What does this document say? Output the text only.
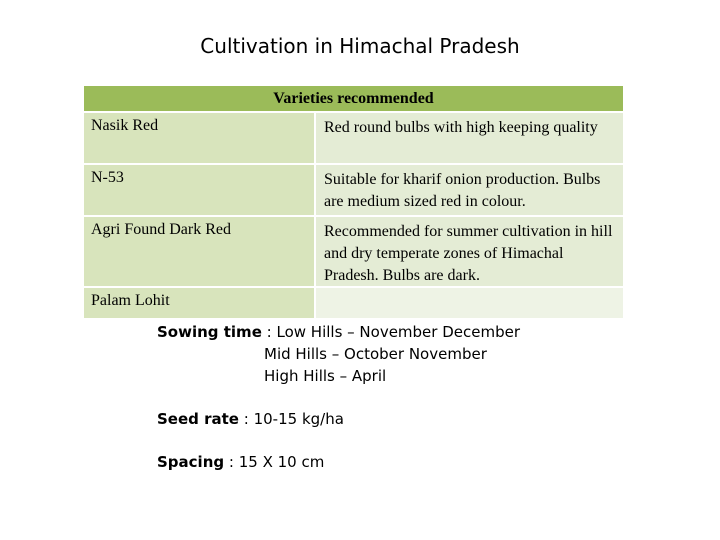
Cultivation in Himachal Pradesh
Varieties recommended
Nasik Red	Red round bulbs with high keeping quality
N-53	Suitable for kharif onion production. Bulbs are medium sized red in colour.
Agri Found Dark Red	Recommended for summer cultivation in hill and dry temperate zones of Himachal Pradesh. Bulbs are dark.
Palam Lohit
Sowing time : Low Hills – November December
Mid Hills – October November
High Hills – April
Seed rate : 10-15 kg/ha
Spacing : 15 X 10 cm
